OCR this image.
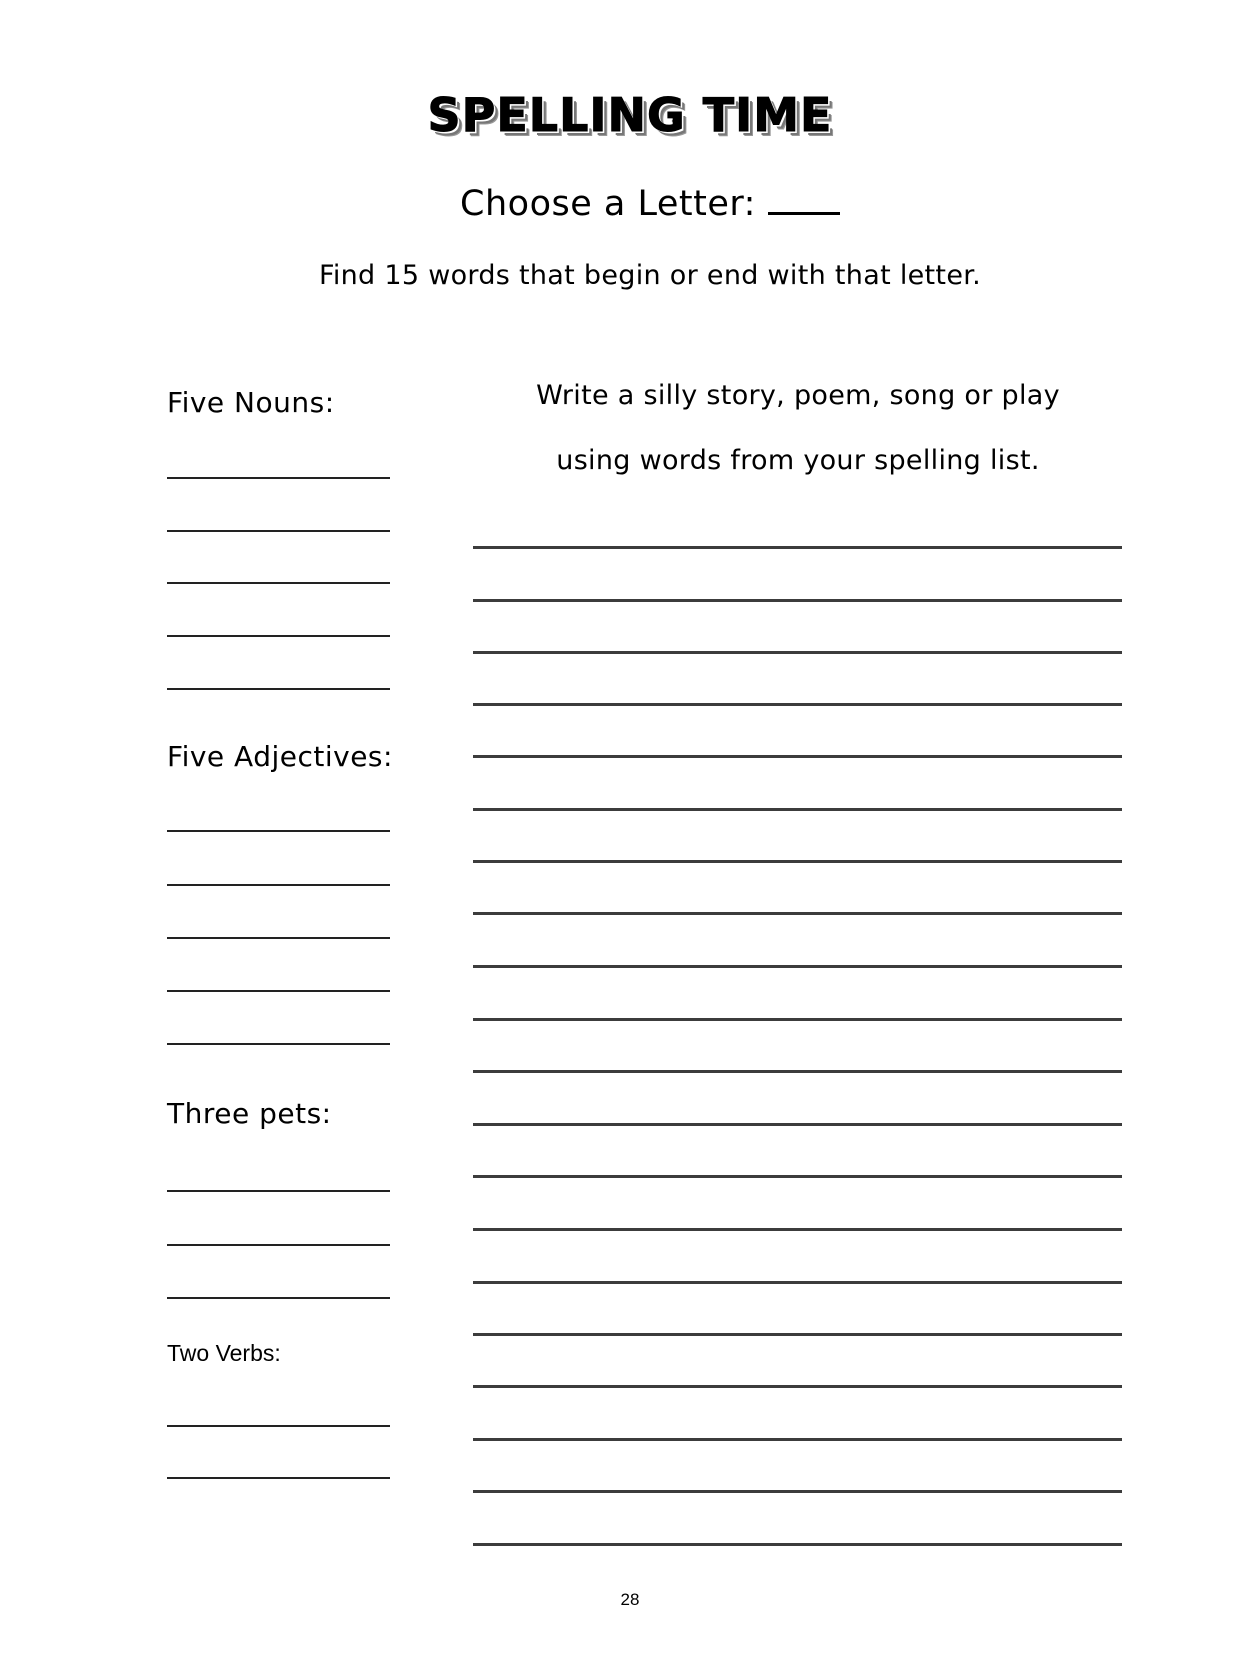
SPELLING TIME
Choose a Letter:
Find 15 words that begin or end with that letter.
Five Nouns:
Five Adjectives:
Three pets:
Two Verbs:
Write a silly story, poem, song or play
using words from your spelling list.
28
